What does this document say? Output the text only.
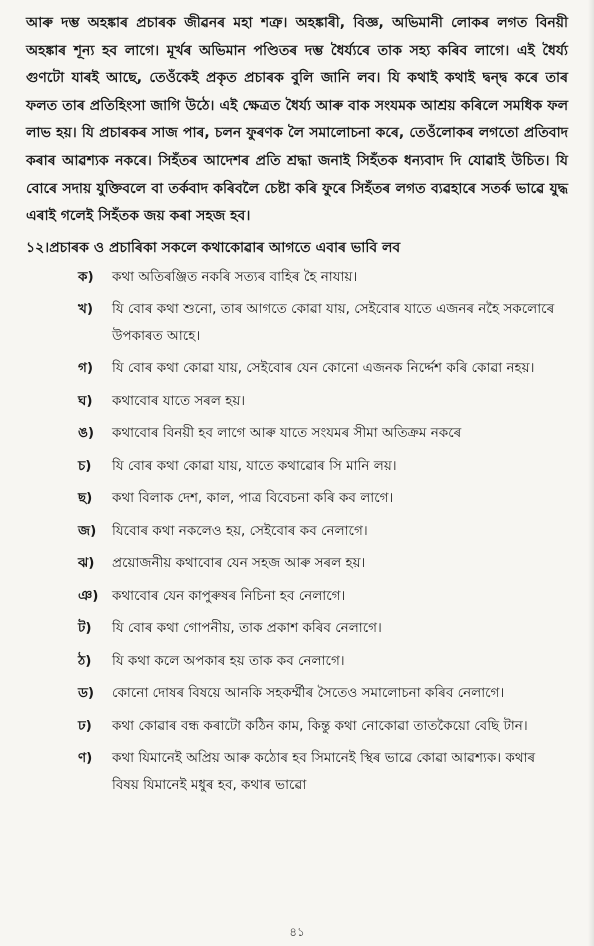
আৰু দম্ভ অহঙ্কাৰ প্ৰচাৰক জীৱনৰ মহা শত্ৰু। অহঙ্কাৰী, বিজ্ঞ, অভিমানী লোকৰ লগত বিনয়ী অহঙ্কাৰ শূন্য হব লাগে। মূৰ্খৰ অভিমান পণ্ডিতৰ দম্ভ ধৈৰ্য্যৰে তাক সহ্য কৰিব লাগে। এই ধৈৰ্য্য গুণটো যাৰই আছে, তেওঁকেই প্ৰকৃত প্ৰচাৰক বুলি জানি লব। যি কথাই কথাই দ্বন্দ্ব কৰে তাৰ ফলত তাৰ প্ৰতিহিংসা জাগি উঠে। এই ক্ষেত্ৰত ধৈৰ্য্য আৰু বাক সংযমক আশ্ৰয় কৰিলে সমধিক ফল লাভ হয়। যি প্ৰচাৰকৰ সাজ পাৰ, চলন ফুৰণক লৈ সমালোচনা কৰে, তেওঁলোকৰ লগতো প্ৰতিবাদ কৰাৰ আৱশ্যক নকৰে। সিহঁতৰ আদেশৰ প্ৰতি শ্ৰদ্ধা জনাই সিহঁতক ধন্যবাদ দি যোৱাই উচিত। যি বোৰে সদায় যুক্তিবলে বা তৰ্কবাদ কৰিবলৈ চেষ্টা কৰি ফুৰে সিহঁতৰ লগত ব্যৱহাৰে সতৰ্ক ভাৱে যুদ্ধ এৰাই গলেই সিহঁতক জয় কৰা সহজ হব।

১২।প্ৰচাৰক ও প্ৰচাৰিকা সকলে কথাকোৱাৰ আগতে এবাৰ ভাবি লব
ক)	কথা অতিৰঞ্জিত নকৰি সত্যৰ বাহিৰ হৈ নাযায়।
খ)	যি বোৰ কথা শুনো, তাৰ আগতে কোৱা যায়, সেইবোৰ যাতে এজনৰ নহৈ সকলোৰে উপকাৰত আহে।
গ)	যি বোৰ কথা কোৱা যায়, সেইবোৰ যেন কোনো এজনক নিৰ্দ্দেশ কৰি কোৱা নহয়।
ঘ)	কথাবোৰ যাতে সৰল হয়।
ঙ)	কথাবোৰ বিনয়ী হব লাগে আৰু যাতে সংযমৰ সীমা অতিক্ৰম নকৰে
চ)	যি বোৰ কথা কোৱা যায়, যাতে কথাৱোৰ সি মানি লয়।
ছ)	কথা বিলাক দেশ, কাল, পাত্ৰ বিবেচনা কৰি কব লাগে।
জ)	যিবোৰ কথা নকলেও হয়, সেইবোৰ কব নেলাগে।
ঝ)	প্ৰয়োজনীয় কথাবোৰ যেন সহজ আৰু সৰল হয়।
ঞ)	কথাবোৰ যেন কাপুৰুষৰ নিচিনা হব নেলাগে।
ট)	যি বোৰ কথা গোপনীয়, তাক প্ৰকাশ কৰিব নেলাগে।
ঠ)	যি কথা কলে অপকাৰ হয় তাক কব নেলাগে।
ড)	কোনো দোষৰ বিষয়ে আনকি সহকৰ্ম্মীৰ সৈতেও সমালোচনা কৰিব নেলাগে।
ঢ)	কথা কোৱাৰ বন্ধ কৰাটো কঠিন কাম, কিন্তু কথা নোকোৱা তাতকৈয়ো বেছি টান।
ণ)	কথা যিমানেই অপ্ৰিয় আৰু কঠোৰ হব সিমানেই স্থিৰ ভাৱে কোৱা আৱশ্যক। কথাৰ বিষয় যিমানেই মধুৰ হব, কথাৰ ভাৱো
৪১
